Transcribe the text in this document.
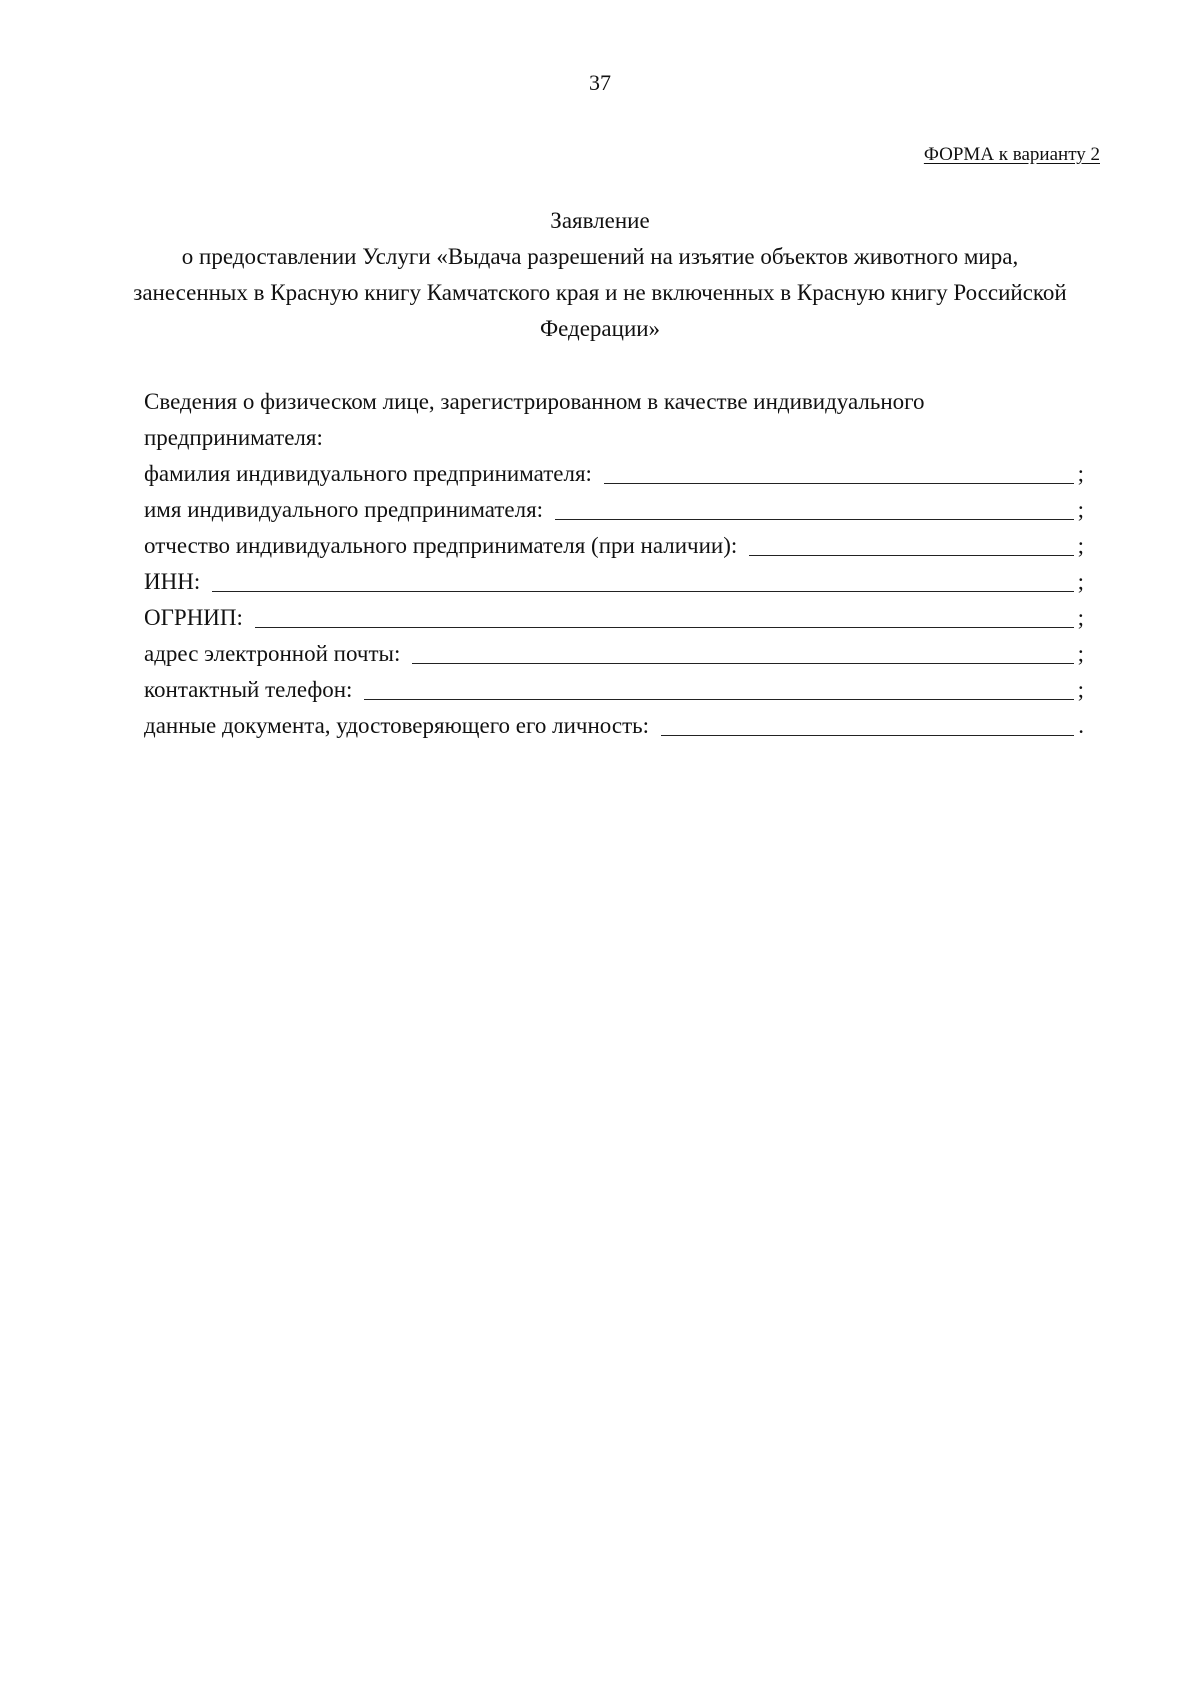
37
ФОРМА к варианту 2
Заявление
о предоставлении Услуги «Выдача разрешений на изъятие объектов животного мира,
занесенных в Красную книгу Камчатского края и не включенных в Красную книгу Российской
Федерации»
Сведения о физическом лице, зарегистрированном в качестве индивидуального
предпринимателя:
фамилия индивидуального предпринимателя:	;
имя индивидуального предпринимателя:	;
отчество индивидуального предпринимателя (при наличии):	;
ИНН:	;
ОГРНИП:	;
адрес электронной почты:	;
контактный телефон:	;
данные документа, удостоверяющего его личность:	.
